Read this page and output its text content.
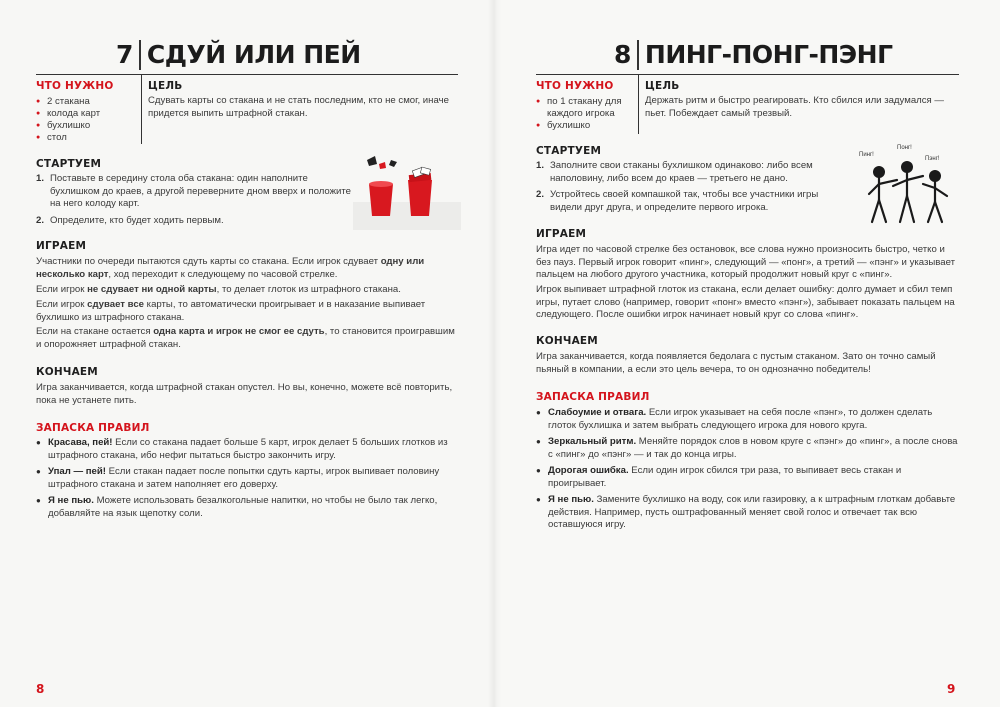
7 СДУЙ ИЛИ ПЕЙ
ЧТО НУЖНО
● 2 стакана
● колода карт
● бухлишко
● стол
ЦЕЛЬ

Сдувать карты со стакана и не стать последним, кто не смог, иначе придется выпить штрафной стакан.

СТАРТУЕМ
1. Поставьте в середину стола оба стакана: один наполните бухлишком до краев, а другой переверните дном вверх и положите на него колоду карт.
2. Определите, кто будет ходить первым.
ИГРАЕМ

Участники по очереди пытаются сдуть карты со стакана. Если игрок сдувает одну или несколько карт, ход переходит к следующему по часовой стрелке.

Если игрок не сдувает ни одной карты, то делает глоток из штрафного стакана.

Если игрок сдувает все карты, то автоматически проигрывает и в наказание выпивает бухлишко из штрафного стакана.

Если на стакане остается одна карта и игрок не смог ее сдуть, то становится проигравшим и опорожняет штрафной стакан.

КОНЧАЕМ

Игра заканчивается, когда штрафной стакан опустел. Но вы, конечно, можете всё повторить, пока не устанете пить.

ЗАПАСКА ПРАВИЛ
● Красава, пей! Если со стакана падает больше 5 карт, игрок делает 5 больших глотков из штрафного стакана, ибо нефиг пытаться быстро закончить игру.
● Упал — пей! Если стакан падает после попытки сдуть карты, игрок выпивает половину штрафного стакана и затем наполняет его доверху.
● Я не пью. Можете использовать безалкогольные напитки, но чтобы не было так легко, добавляйте на язык щепотку соли.
8
8 ПИНГ-ПОНГ-ПЭНГ
ЧТО НУЖНО
● по 1 стакану для каждого игрока
● бухлишко
ЦЕЛЬ

Держать ритм и быстро реагировать. Кто сбился или задумался — пьет. Побеждает самый трезвый.

СТАРТУЕМ
1. Заполните свои стаканы бухлишком одинаково: либо всем наполовину, либо всем до краев — третьего не дано.
2. Устройтесь своей компашкой так, чтобы все участники игры видели друг друга, и определите первого игрока.
Пинг!
Понг!
Пэнг!
ИГРАЕМ

Игра идет по часовой стрелке без остановок, все слова нужно произносить быстро, четко и без пауз. Первый игрок говорит «пинг», следующий — «понг», а третий — «пэнг» и указывает пальцем на любого другого участника, который продолжит новый круг с «пинг».

Игрок выпивает штрафной глоток из стакана, если делает ошибку: долго думает и сбил темп игры, путает слово (например, говорит «понг» вместо «пэнг»), забывает показать пальцем на следующего. После ошибки игрок начинает новый круг со слова «пинг».

КОНЧАЕМ

Игра заканчивается, когда появляется бедолага с пустым стаканом. Зато он точно самый пьяный в компании, а если это цель вечера, то он однозначно победитель!

ЗАПАСКА ПРАВИЛ
● Слабоумие и отвага. Если игрок указывает на себя после «пэнг», то должен сделать глоток бухлишка и затем выбрать следующего игрока для нового круга.
● Зеркальный ритм. Меняйте порядок слов в новом круге с «пэнг» до «пинг», а после снова с «пинг» до «пэнг» — и так до конца игры.
● Дорогая ошибка. Если один игрок сбился три раза, то выпивает весь стакан и проигрывает.
● Я не пью. Замените бухлишко на воду, сок или газировку, а к штрафным глоткам добавьте действия. Например, пусть оштрафованный меняет свой голос и отвечает так всю оставшуюся игру.
9
